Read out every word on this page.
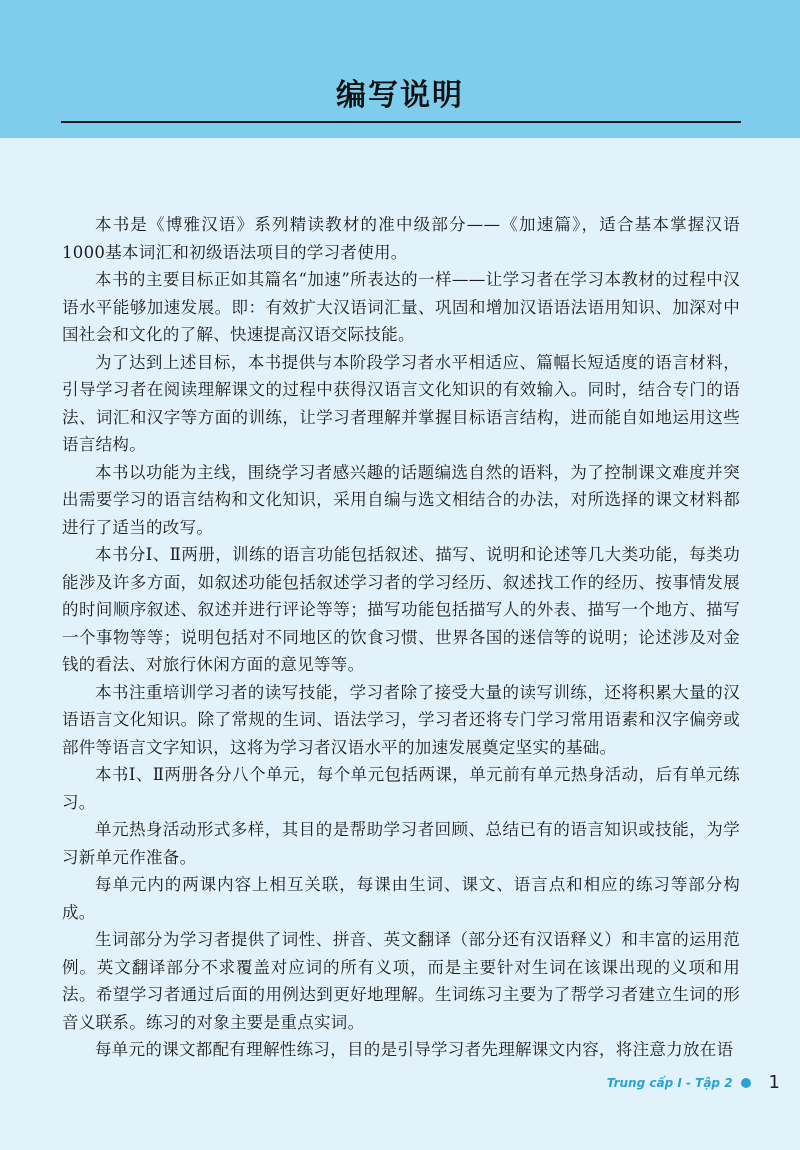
编写说明

本书是《博雅汉语》系列精读教材的准中级部分——《加速篇》，适合基本掌握汉语1000基本词汇和初级语法项目的学习者使用。

本书的主要目标正如其篇名“加速”所表达的一样——让学习者在学习本教材的过程中汉语水平能够加速发展。即：有效扩大汉语词汇量、巩固和增加汉语语法语用知识、加深对中国社会和文化的了解、快速提高汉语交际技能。

为了达到上述目标，本书提供与本阶段学习者水平相适应、篇幅长短适度的语言材料，引导学习者在阅读理解课文的过程中获得汉语言文化知识的有效输入。同时，结合专门的语法、词汇和汉字等方面的训练，让学习者理解并掌握目标语言结构，进而能自如地运用这些语言结构。

本书以功能为主线，围绕学习者感兴趣的话题编选自然的语料，为了控制课文难度并突出需要学习的语言结构和文化知识，采用自编与选文相结合的办法，对所选择的课文材料都进行了适当的改写。

本书分Ⅰ、Ⅱ两册，训练的语言功能包括叙述、描写、说明和论述等几大类功能，每类功能涉及许多方面，如叙述功能包括叙述学习者的学习经历、叙述找工作的经历、按事情发展的时间顺序叙述、叙述并进行评论等等；描写功能包括描写人的外表、描写一个地方、描写一个事物等等；说明包括对不同地区的饮食习惯、世界各国的迷信等的说明；论述涉及对金钱的看法、对旅行休闲方面的意见等等。

本书注重培训学习者的读写技能，学习者除了接受大量的读写训练，还将积累大量的汉语语言文化知识。除了常规的生词、语法学习，学习者还将专门学习常用语素和汉字偏旁或部件等语言文字知识，这将为学习者汉语水平的加速发展奠定坚实的基础。

本书Ⅰ、Ⅱ两册各分八个单元，每个单元包括两课，单元前有单元热身活动，后有单元练习。

单元热身活动形式多样，其目的是帮助学习者回顾、总结已有的语言知识或技能，为学习新单元作准备。

每单元内的两课内容上相互关联，每课由生词、课文、语言点和相应的练习等部分构成。

生词部分为学习者提供了词性、拼音、英文翻译（部分还有汉语释义）和丰富的运用范例。英文翻译部分不求覆盖对应词的所有义项，而是主要针对生词在该课出现的义项和用法。希望学习者通过后面的用例达到更好地理解。生词练习主要为了帮学习者建立生词的形音义联系。练习的对象主要是重点实词。

每单元的课文都配有理解性练习，目的是引导学习者先理解课文内容，将注意力放在语

Trung cấp I - Tập 2 1
